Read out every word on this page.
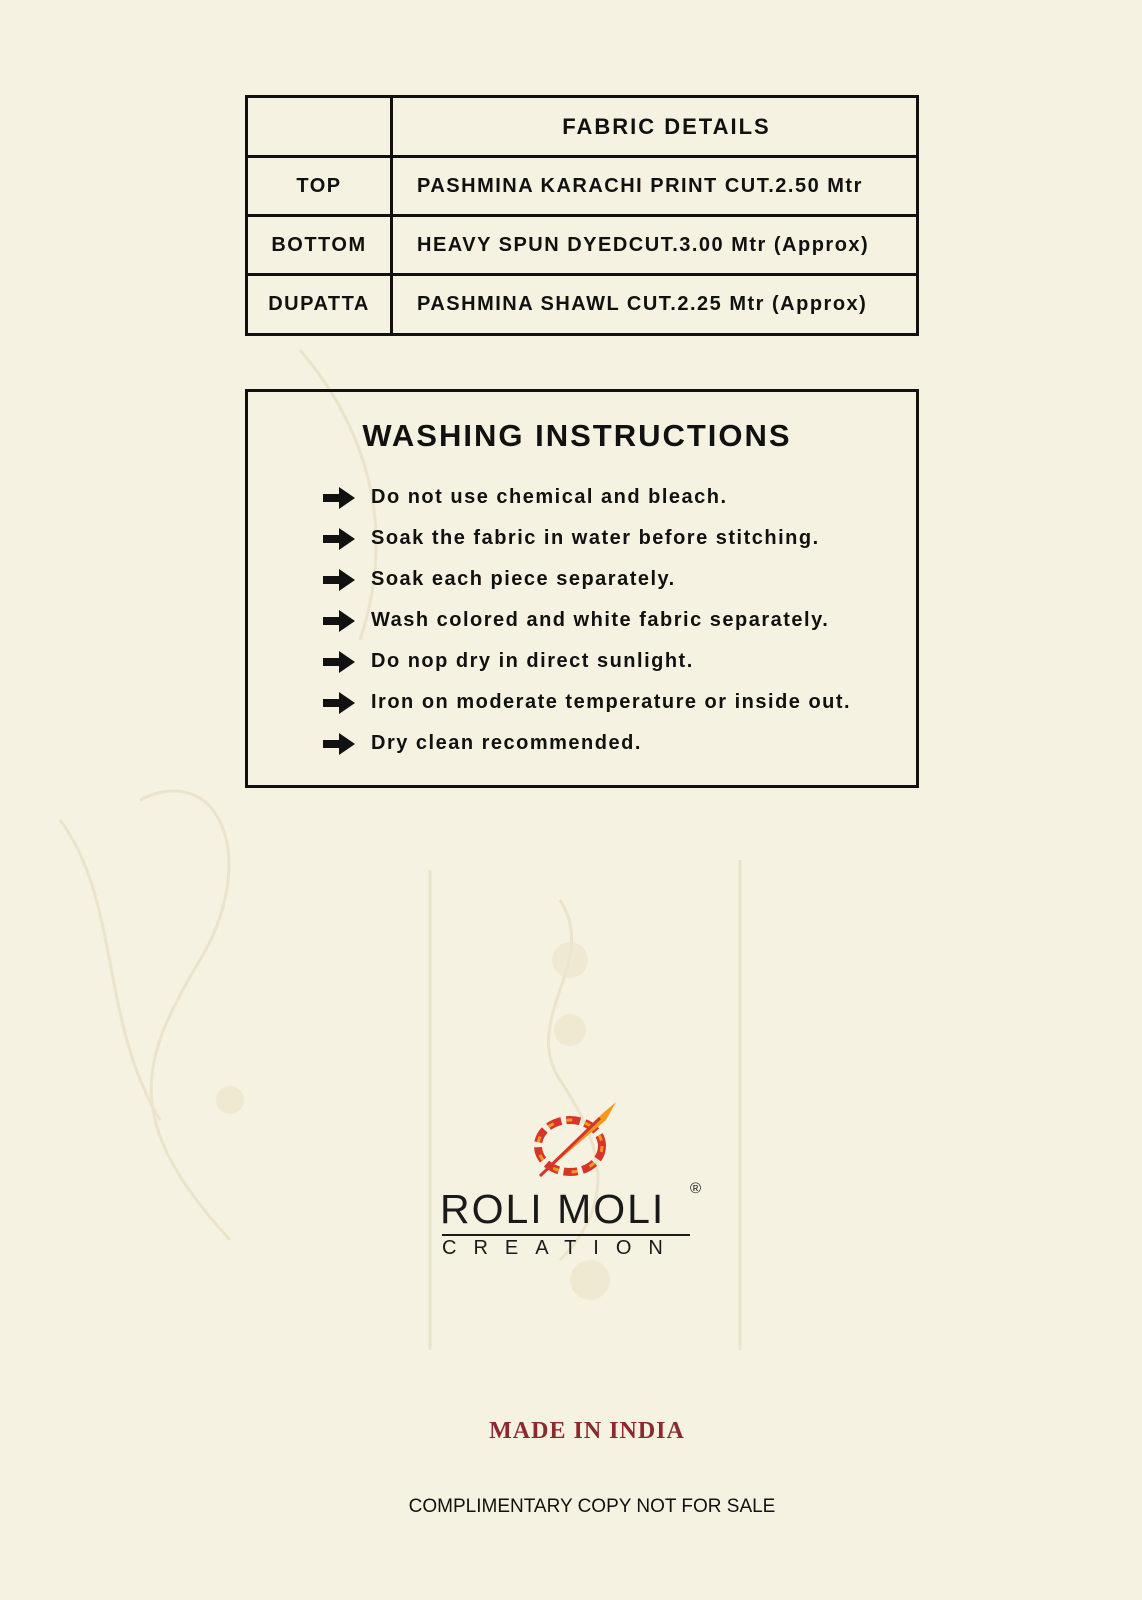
FABRIC DETAILS
TOP	PASHMINA KARACHI PRINT CUT.2.50 Mtr
BOTTOM	HEAVY SPUN DYEDCUT.3.00 Mtr (Approx)
DUPATTA	PASHMINA SHAWL CUT.2.25 Mtr (Approx)
WASHING INSTRUCTIONS
Do not use chemical and bleach.
Soak the fabric in water before stitching.
Soak each piece separately.
Wash colored and white fabric separately.
Do nop dry in direct sunlight.
Iron on moderate temperature or inside out.
Dry clean recommended.
ROLI MOLI ®
CREATION
MADE IN INDIA
COMPLIMENTARY COPY NOT FOR SALE
